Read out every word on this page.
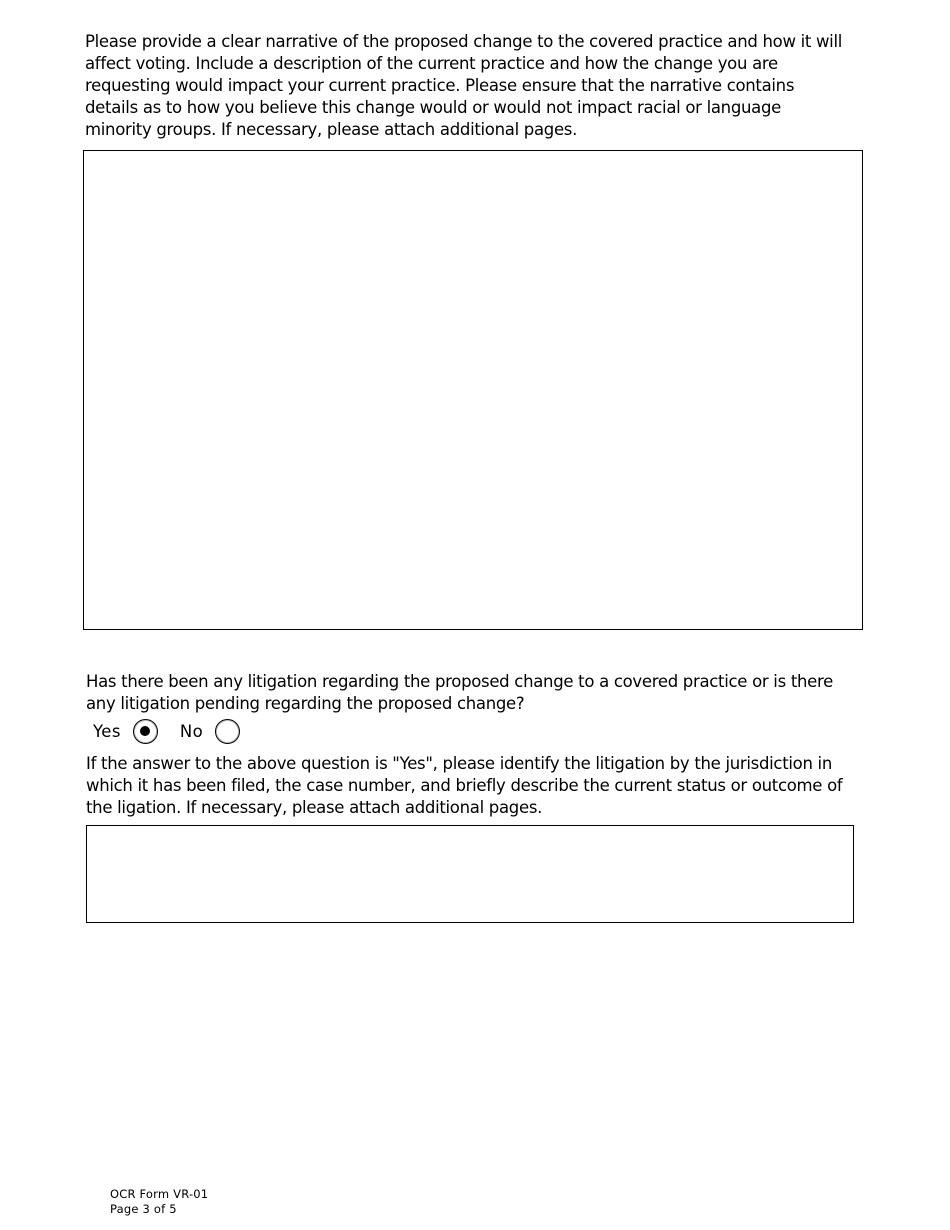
Please provide a clear narrative of the proposed change to the covered practice and how it will
affect voting. Include a description of the current practice and how the change you are
requesting would impact your current practice. Please ensure that the narrative contains
details as to how you believe this change would or would not impact racial or language
minority groups. If necessary, please attach additional pages.

Has there been any litigation regarding the proposed change to a covered practice or is there
any litigation pending regarding the proposed change?

Yes	No

If the answer to the above question is "Yes", please identify the litigation by the jurisdiction in
which it has been filed, the case number, and briefly describe the current status or outcome of
the ligation. If necessary, please attach additional pages.

OCR Form VR-01
Page 3 of 5
